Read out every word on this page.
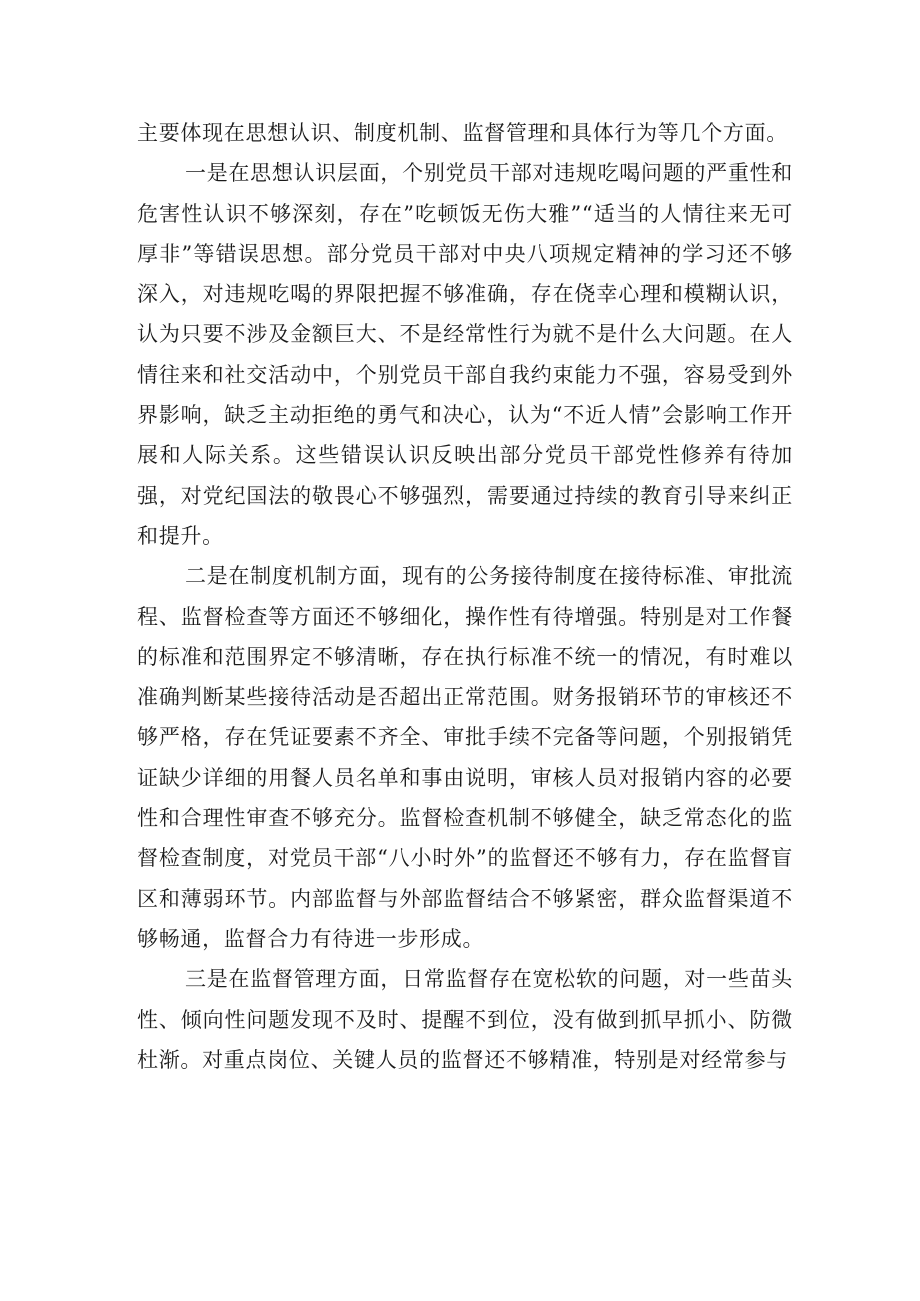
主要体现在思想认识、制度机制、监督管理和具体行为等几个方面。

一是在思想认识层面，个别党员干部对违规吃喝问题的严重性和危害性认识不够深刻，存在”吃顿饭无伤大雅”“适当的人情往来无可厚非”等错误思想。部分党员干部对中央八项规定精神的学习还不够深入，对违规吃喝的界限把握不够准确，存在侥幸心理和模糊认识，认为只要不涉及金额巨大、不是经常性行为就不是什么大问题。在人情往来和社交活动中，个别党员干部自我约束能力不强，容易受到外界影响，缺乏主动拒绝的勇气和决心，认为“不近人情”会影响工作开展和人际关系。这些错误认识反映出部分党员干部党性修养有待加强，对党纪国法的敬畏心不够强烈，需要通过持续的教育引导来纠正和提升。

二是在制度机制方面，现有的公务接待制度在接待标准、审批流程、监督检查等方面还不够细化，操作性有待增强。特别是对工作餐的标准和范围界定不够清晰，存在执行标准不统一的情况，有时难以准确判断某些接待活动是否超出正常范围。财务报销环节的审核还不够严格，存在凭证要素不齐全、审批手续不完备等问题，个别报销凭证缺少详细的用餐人员名单和事由说明，审核人员对报销内容的必要性和合理性审查不够充分。监督检查机制不够健全，缺乏常态化的监督检查制度，对党员干部“八小时外”的监督还不够有力，存在监督盲区和薄弱环节。内部监督与外部监督结合不够紧密，群众监督渠道不够畅通，监督合力有待进一步形成。

三是在监督管理方面，日常监督存在宽松软的问题，对一些苗头性、倾向性问题发现不及时、提醒不到位，没有做到抓早抓小、防微杜渐。对重点岗位、关键人员的监督还不够精准，特别是对经常参与
